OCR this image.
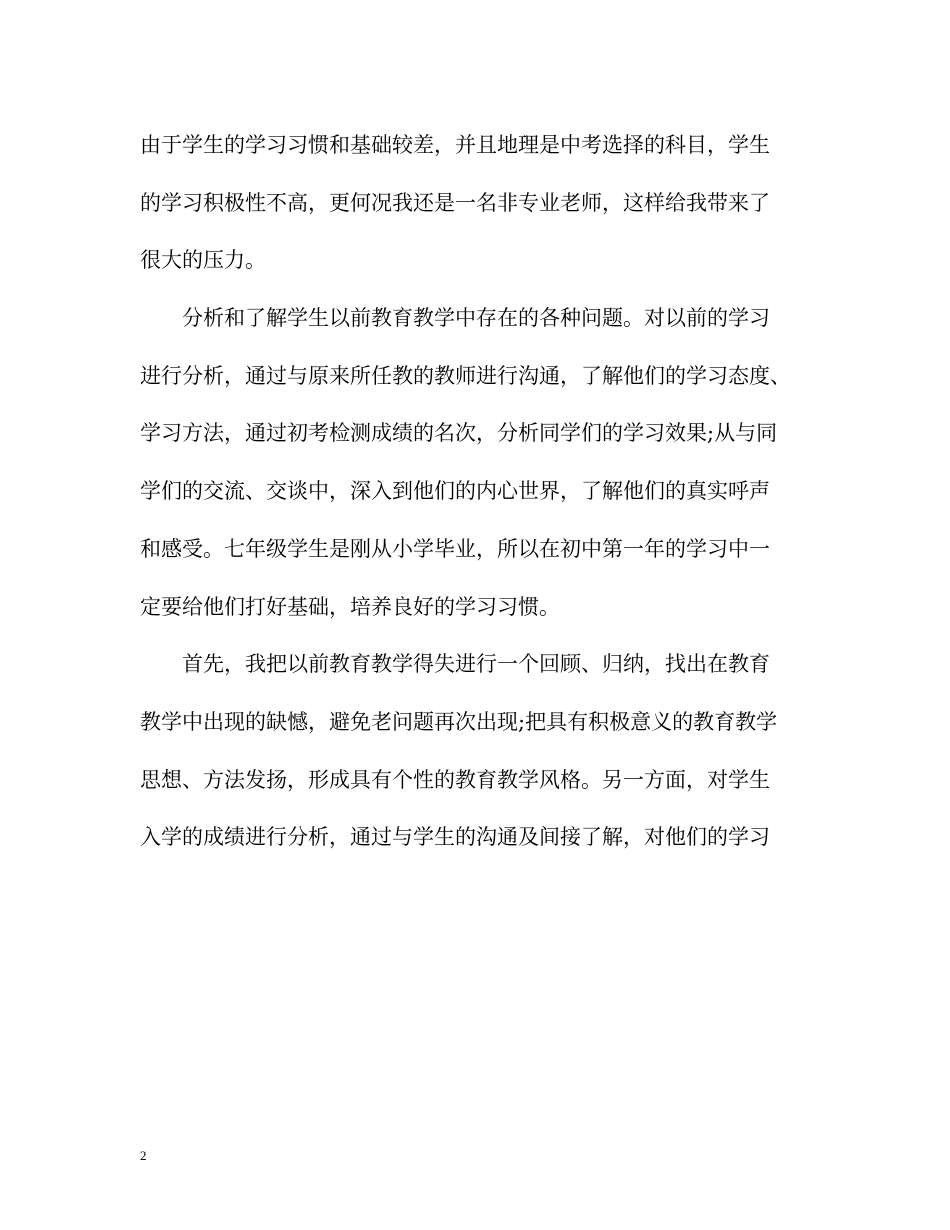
由于学生的学习习惯和基础较差，并且地理是中考选择的科目，学生
的学习积极性不高，更何况我还是一名非专业老师，这样给我带来了
很大的压力。
　　分析和了解学生以前教育教学中存在的各种问题。对以前的学习
进行分析，通过与原来所任教的教师进行沟通，了解他们的学习态度、
学习方法，通过初考检测成绩的名次，分析同学们的学习效果;从与同
学们的交流、交谈中，深入到他们的内心世界，了解他们的真实呼声
和感受。七年级学生是刚从小学毕业，所以在初中第一年的学习中一
定要给他们打好基础，培养良好的学习习惯。
　　首先，我把以前教育教学得失进行一个回顾、归纳，找出在教育
教学中出现的缺憾，避免老问题再次出现;把具有积极意义的教育教学
思想、方法发扬，形成具有个性的教育教学风格。另一方面，对学生
入学的成绩进行分析，通过与学生的沟通及间接了解，对他们的学习
2
